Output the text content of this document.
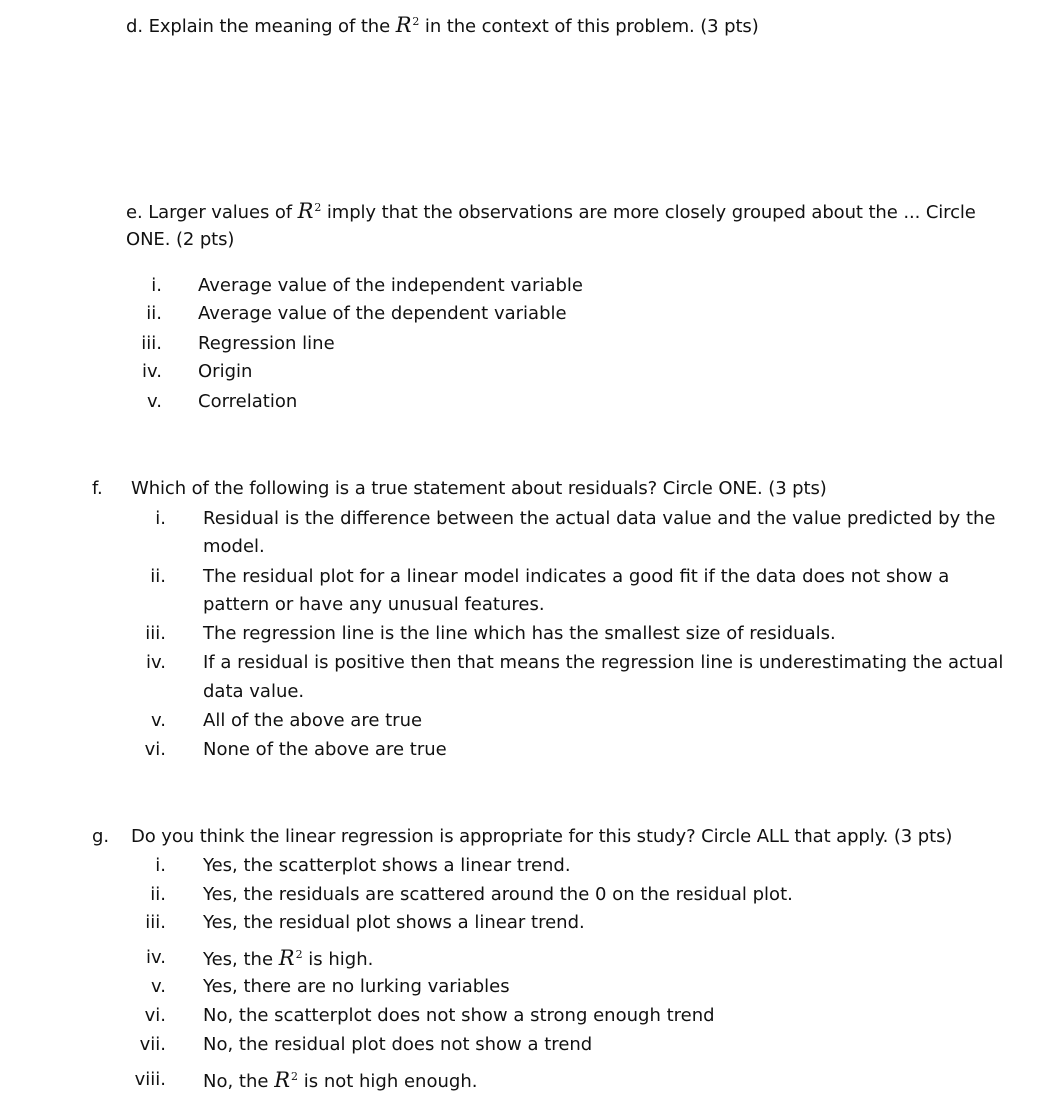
d. Explain the meaning of the $R^2$ in the context of this problem. (3 pts)
e. Larger values of $R^2$ imply that the observations are more closely grouped about the ... Circle
ONE. (2 pts)
i. Average value of the independent variable
ii. Average value of the dependent variable
iii. Regression line
iv. Origin
v. Correlation
f. Which of the following is a true statement about residuals? Circle ONE. (3 pts)
i. Residual is the difference between the actual data value and the value predicted by the
model.
ii. The residual plot for a linear model indicates a good fit if the data does not show a
pattern or have any unusual features.
iii. The regression line is the line which has the smallest size of residuals.
iv. If a residual is positive then that means the regression line is underestimating the actual
data value.
v. All of the above are true
vi. None of the above are true
g. Do you think the linear regression is appropriate for this study? Circle ALL that apply. (3 pts)
i. Yes, the scatterplot shows a linear trend.
ii. Yes, the residuals are scattered around the 0 on the residual plot.
iii. Yes, the residual plot shows a linear trend.
iv. Yes, the $R^2$ is high.
v. Yes, there are no lurking variables
vi. No, the scatterplot does not show a strong enough trend
vii. No, the residual plot does not show a trend
viii. No, the $R^2$ is not high enough.
